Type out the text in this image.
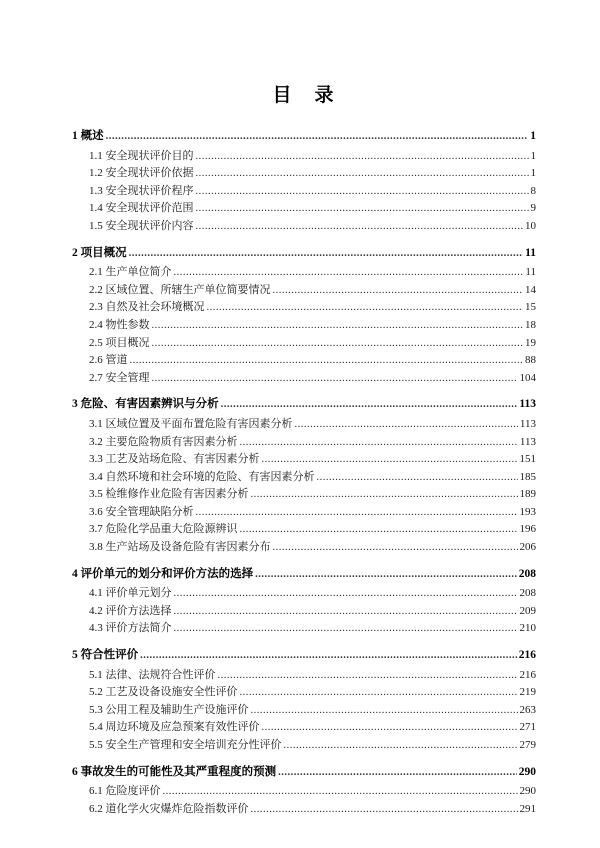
目　录
1 概述 .....	1
1.1 安全现状评价目的 .....	1
1.2 安全现状评价依据 .....	1
1.3 安全现状评价程序 .....	8
1.4 安全现状评价范围 .....	9
1.5 安全现状评价内容 .....	10
2 项目概况 .....	11
2.1 生产单位简介 .....	11
2.2 区域位置、所辖生产单位简要情况 .....	14
2.3 自然及社会环境概况 .....	15
2.4 物性参数 .....	18
2.5 项目概况 .....	19
2.6 管道 .....	88
2.7 安全管理 .....	104
3 危险、有害因素辨识与分析 .....	113
3.1 区域位置及平面布置危险有害因素分析 .....	113
3.2 主要危险物质有害因素分析 .....	113
3.3 工艺及站场危险、有害因素分析 .....	151
3.4 自然环境和社会环境的危险、有害因素分析 .....	185
3.5 检维修作业危险有害因素分析 .....	189
3.6 安全管理缺陷分析 .....	193
3.7 危险化学品重大危险源辨识 .....	196
3.8 生产站场及设备危险有害因素分布 .....	206
4 评价单元的划分和评价方法的选择 .....	208
4.1 评价单元划分 .....	208
4.2 评价方法选择 .....	209
4.3 评价方法简介 .....	210
5 符合性评价 .....	216
5.1 法律、法规符合性评价 .....	216
5.2 工艺及设备设施安全性评价 .....	219
5.3 公用工程及辅助生产设施评价 .....	263
5.4 周边环境及应急预案有效性评价 .....	271
5.5 安全生产管理和安全培训充分性评价 .....	279
6 事故发生的可能性及其严重程度的预测 .....	290
6.1 危险度评价 .....	290
6.2 道化学火灾爆炸危险指数评价 .....	291
